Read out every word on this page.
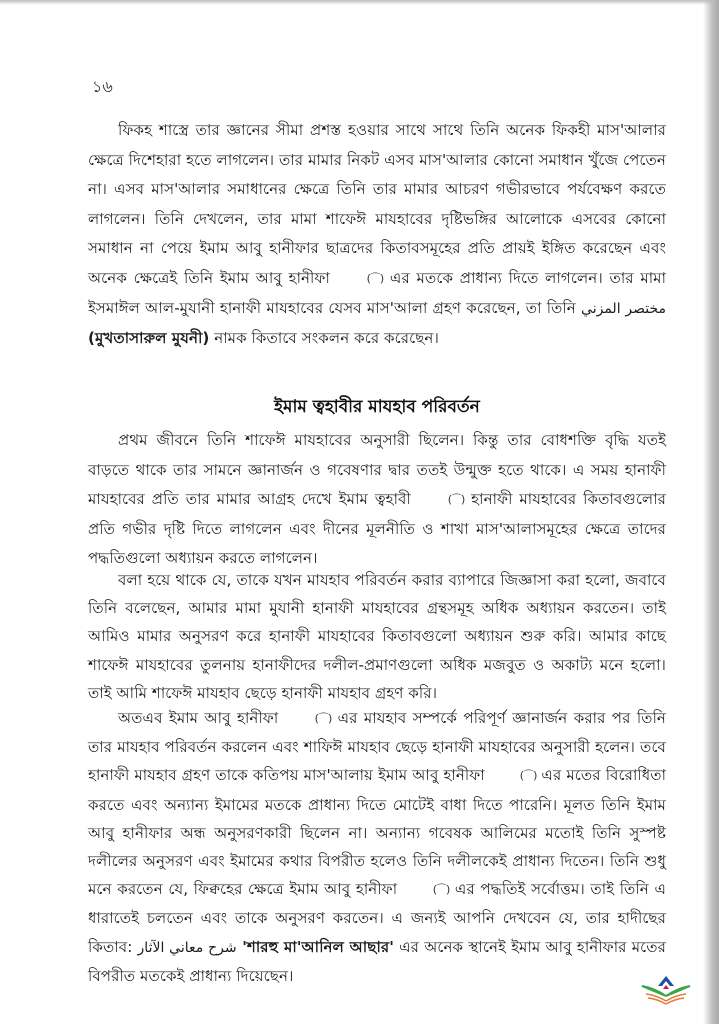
১৬

ফিকহ শাস্ত্রে তার জ্ঞানের সীমা প্রশস্ত হওয়ার সাথে সাথে তিনি অনেক ফিকহী মাস'আলার ক্ষেত্রে দিশেহারা হতে লাগলেন। তার মামার নিকট এসব মাস'আলার কোনো সমাধান খুঁজে পেতেন না। এসব মাস'আলার সমাধানের ক্ষেত্রে তিনি তার মামার আচরণ গভীরভাবে পর্যবেক্ষণ করতে লাগলেন। তিনি দেখলেন, তার মামা শাফেঈ মাযহাবের দৃষ্টিভঙ্গির আলোকে এসবের কোনো সমাধান না পেয়ে ইমাম আবু হানীফার ছাত্রদের কিতাবসমূহের প্রতি প্রায়ই ইঙ্গিত করেছেন এবং অনেক ক্ষেত্রেই তিনি ইমাম আবু হানীফা	(⌒) এর মতকে প্রাধান্য দিতে লাগলেন। তার মামা ইসমাঈল আল-মুযানী হানাফী মাযহাবের যেসব মাস'আলা গ্রহণ করেছেন, তা তিনি مختصر المزني (মুখতাসারুল মুযনী) নামক কিতাবে সংকলন করে করেছেন।

ইমাম ত্বহাবীর মাযহাব পরিবর্তন

প্রথম জীবনে তিনি শাফেঈ মাযহাবের অনুসারী ছিলেন। কিন্তু তার বোধশক্তি বৃদ্ধি যতই বাড়তে থাকে তার সামনে জ্ঞানার্জন ও গবেষণার দ্বার ততই উন্মুক্ত হতে থাকে। এ সময় হানাফী মাযহাবের প্রতি তার মামার আগ্রহ দেখে ইমাম ত্বহাবী	(⌒) হানাফী মাযহাবের কিতাবগুলোর প্রতি গভীর দৃষ্টি দিতে লাগলেন এবং দীনের মূলনীতি ও শাখা মাস'আলাসমূহের ক্ষেত্রে তাদের পদ্ধতিগুলো অধ্যায়ন করতে লাগলেন।

বলা হয়ে থাকে যে, তাকে যখন মাযহাব পরিবর্তন করার ব্যাপারে জিজ্ঞাসা করা হলো, জবাবে তিনি বলেছেন, আমার মামা মুযানী হানাফী মাযহাবের গ্রন্থসমূহ অধিক অধ্যায়ন করতেন। তাই আমিও মামার অনুসরণ করে হানাফী মাযহাবের কিতাবগুলো অধ্যায়ন শুরু করি। আমার কাছে শাফেঈ মাযহাবের তুলনায় হানাফীদের দলীল-প্রমাণগুলো অধিক মজবুত ও অকাট্য মনে হলো। তাই আমি শাফেঈ মাযহাব ছেড়ে হানাফী মাযহাব গ্রহণ করি।

অতএব ইমাম আবু হানীফা	(⌒) এর মাযহাব সম্পর্কে পরিপূর্ণ জ্ঞানার্জন করার পর তিনি তার মাযহাব পরিবর্তন করলেন এবং শাফিঈ মাযহাব ছেড়ে হানাফী মাযহাবের অনুসারী হলেন। তবে হানাফী মাযহাব গ্রহণ তাকে কতিপয় মাস'আলায় ইমাম আবু হানীফা	(⌒) এর মতের বিরোধিতা করতে এবং অন্যান্য ইমামের মতকে প্রাধান্য দিতে মোটেই বাধা দিতে পারেনি। মূলত তিনি ইমাম আবু হানীফার অন্ধ অনুসরণকারী ছিলেন না। অন্যান্য গবেষক আলিমের মতোই তিনি সুস্পষ্ট দলীলের অনুসরণ এবং ইমামের কথার বিপরীত হলেও তিনি দলীলকেই প্রাধান্য দিতেন। তিনি শুধু মনে করতেন যে, ফিক্বহের ক্ষেত্রে ইমাম আবু হানীফা	(⌒) এর পদ্ধতিই সর্বোত্তম। তাই তিনি এ ধারাতেই চলতেন এবং তাকে অনুসরণ করতেন। এ জন্যই আপনি দেখবেন যে, তার হাদীছের কিতাব: شرح معاني الآثار 'শারহু মা'আনিল আছার' এর অনেক স্থানেই ইমাম আবু হানীফার মতের বিপরীত মতকেই প্রাধান্য দিয়েছেন।
